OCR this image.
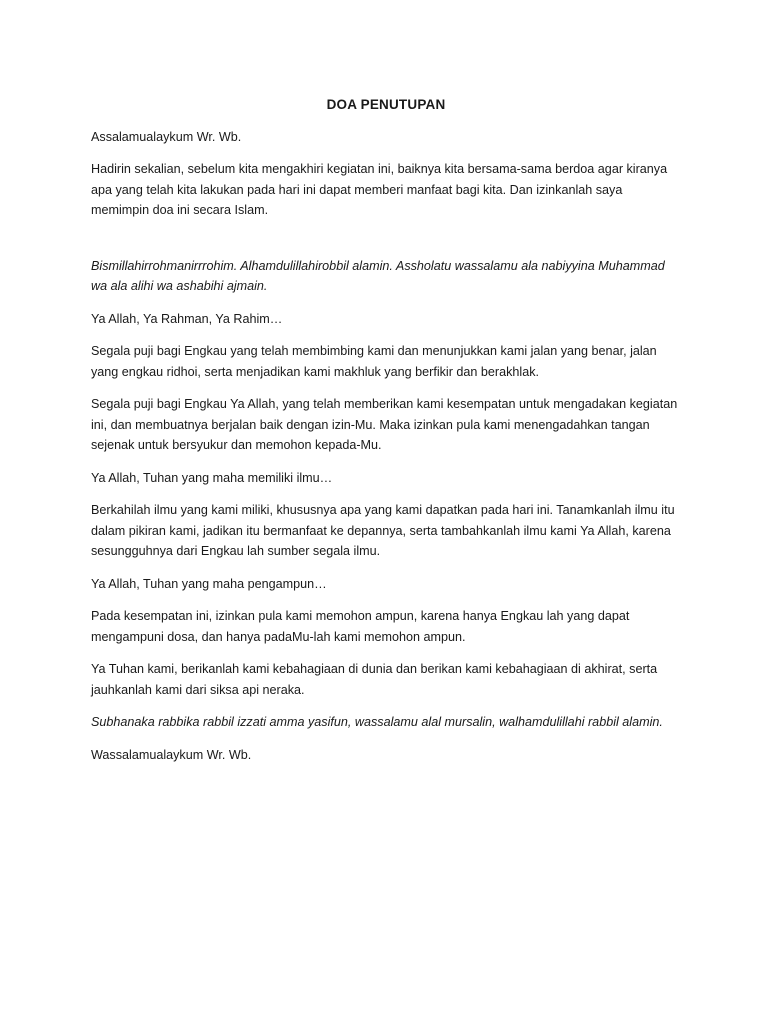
DOA PENUTUPAN

Assalamualaykum Wr. Wb.

Hadirin sekalian, sebelum kita mengakhiri kegiatan ini, baiknya kita bersama-sama berdoa agar kiranya apa yang telah kita lakukan pada hari ini dapat memberi manfaat bagi kita. Dan izinkanlah saya memimpin doa ini secara Islam.

Bismillahirrohmanirrrohim. Alhamdulillahirobbil alamin. Assholatu wassalamu ala nabiyyina Muhammad wa ala alihi wa ashabihi ajmain.

Ya Allah, Ya Rahman, Ya Rahim…

Segala puji bagi Engkau yang telah membimbing kami dan menunjukkan kami jalan yang benar, jalan yang engkau ridhoi, serta menjadikan kami makhluk yang berfikir dan berakhlak.

Segala puji bagi Engkau Ya Allah, yang telah memberikan kami kesempatan untuk mengadakan kegiatan ini, dan membuatnya berjalan baik dengan izin-Mu. Maka izinkan pula kami menengadahkan tangan sejenak untuk bersyukur dan memohon kepada-Mu.

Ya Allah, Tuhan yang maha memiliki ilmu…

Berkahilah ilmu yang kami miliki, khususnya apa yang kami dapatkan pada hari ini. Tanamkanlah ilmu itu dalam pikiran kami, jadikan itu bermanfaat ke depannya, serta tambahkanlah ilmu kami Ya Allah, karena sesungguhnya dari Engkau lah sumber segala ilmu.

Ya Allah, Tuhan yang maha pengampun…

Pada kesempatan ini, izinkan pula kami memohon ampun, karena hanya Engkau lah yang dapat mengampuni dosa, dan hanya padaMu-lah kami memohon ampun.

Ya Tuhan kami, berikanlah kami kebahagiaan di dunia dan berikan kami kebahagiaan di akhirat, serta jauhkanlah kami dari siksa api neraka.

Subhanaka rabbika rabbil izzati amma yasifun, wassalamu alal mursalin, walhamdulillahi rabbil alamin.

Wassalamualaykum Wr. Wb.
